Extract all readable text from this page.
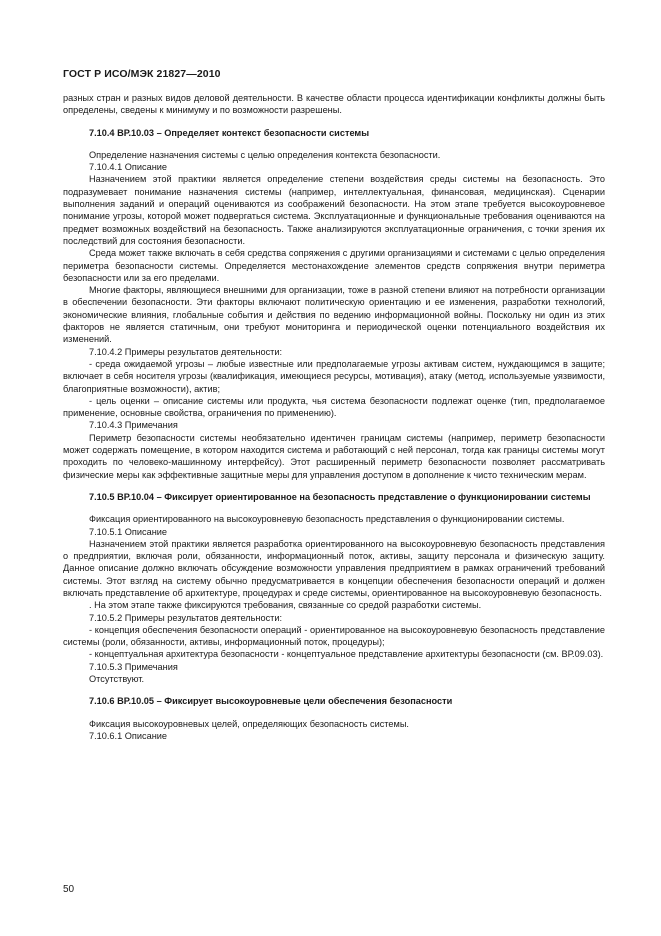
ГОСТ Р ИСО/МЭК 21827—2010

разных стран и разных видов деловой деятельности. В качестве области процесса идентификации конфликты должны быть определены, сведены к минимуму и по возможности разрешены.

7.10.4 ВР.10.03 – Определяет контекст безопасности системы

Определение назначения системы с целью определения контекста безопасности.

7.10.4.1 Описание

Назначением этой практики является определение степени воздействия среды системы на безопасность. Это подразумевает понимание назначения системы (например, интеллектуальная, финансовая, медицинская). Сценарии выполнения заданий и операций оцениваются из соображений безопасности. На этом этапе требуется высокоуровневое понимание угрозы, которой может подвергаться система. Эксплуатационные и функциональные требования оцениваются на предмет возможных воздействий на безопасность. Также анализируются эксплуатационные ограничения, с точки зрения их последствий для состояния безопасности.

Среда может также включать в себя средства сопряжения с другими организациями и системами с целью определения периметра безопасности системы. Определяется местонахождение элементов средств сопряжения внутри периметра безопасности или за его пределами.

Многие факторы, являющиеся внешними для организации, тоже в разной степени влияют на потребности организации в обеспечении безопасности. Эти факторы включают политическую ориентацию и ее изменения, разработки технологий, экономические влияния, глобальные события и действия по ведению информационной войны. Поскольку ни один из этих факторов не является статичным, они требуют мониторинга и периодической оценки потенциального воздействия их изменений.

7.10.4.2 Примеры результатов деятельности:

- среда ожидаемой угрозы – любые известные или предполагаемые угрозы активам систем, нуждающимся в защите; включает в себя носителя угрозы (квалификация, имеющиеся ресурсы, мотивация), атаку (метод, используемые уязвимости, благоприятные возможности), актив;

- цель оценки – описание системы или продукта, чья система безопасности подлежат оценке (тип, предполагаемое применение, основные свойства, ограничения по применению).

7.10.4.3 Примечания

Периметр безопасности системы необязательно идентичен границам системы (например, периметр безопасности может содержать помещение, в котором находится система и работающий с ней персонал, тогда как границы системы могут проходить по человеко-машинному интерфейсу). Этот расширенный периметр безопасности позволяет рассматривать физические меры как эффективные защитные меры для управления доступом в дополнение к чисто техническим мерам.

7.10.5 ВР.10.04 – Фиксирует ориентированное на безопасность представление о функционировании системы

Фиксация ориентированного на высокоуровневую безопасность представления о функционировании системы.

7.10.5.1 Описание

Назначением этой практики является разработка ориентированного на высокоуровневую безопасность представления о предприятии, включая роли, обязанности, информационный поток, активы, защиту персонала и физическую защиту. Данное описание должно включать обсуждение возможности управления предприятием в рамках ограничений требований системы. Этот взгляд на систему обычно предусматривается в концепции обеспечения безопасности операций и должен включать представление об архитектуре, процедурах и среде системы, ориентированное на высокоуровневую безопасность.

. На этом этапе также фиксируются требования, связанные со средой разработки системы.

7.10.5.2 Примеры результатов деятельности:

- концепция обеспечения безопасности операций - ориентированное на высокоуровневую безопасность представление системы (роли, обязанности, активы, информационный поток, процедуры);

- концептуальная архитектура безопасности - концептуальное представление архитектуры безопасности (см. ВР.09.03).

7.10.5.3 Примечания

Отсутствуют.

7.10.6 ВР.10.05 – Фиксирует высокоуровневые цели обеспечения безопасности

Фиксация высокоуровневых целей, определяющих безопасность системы.

7.10.6.1 Описание

50
